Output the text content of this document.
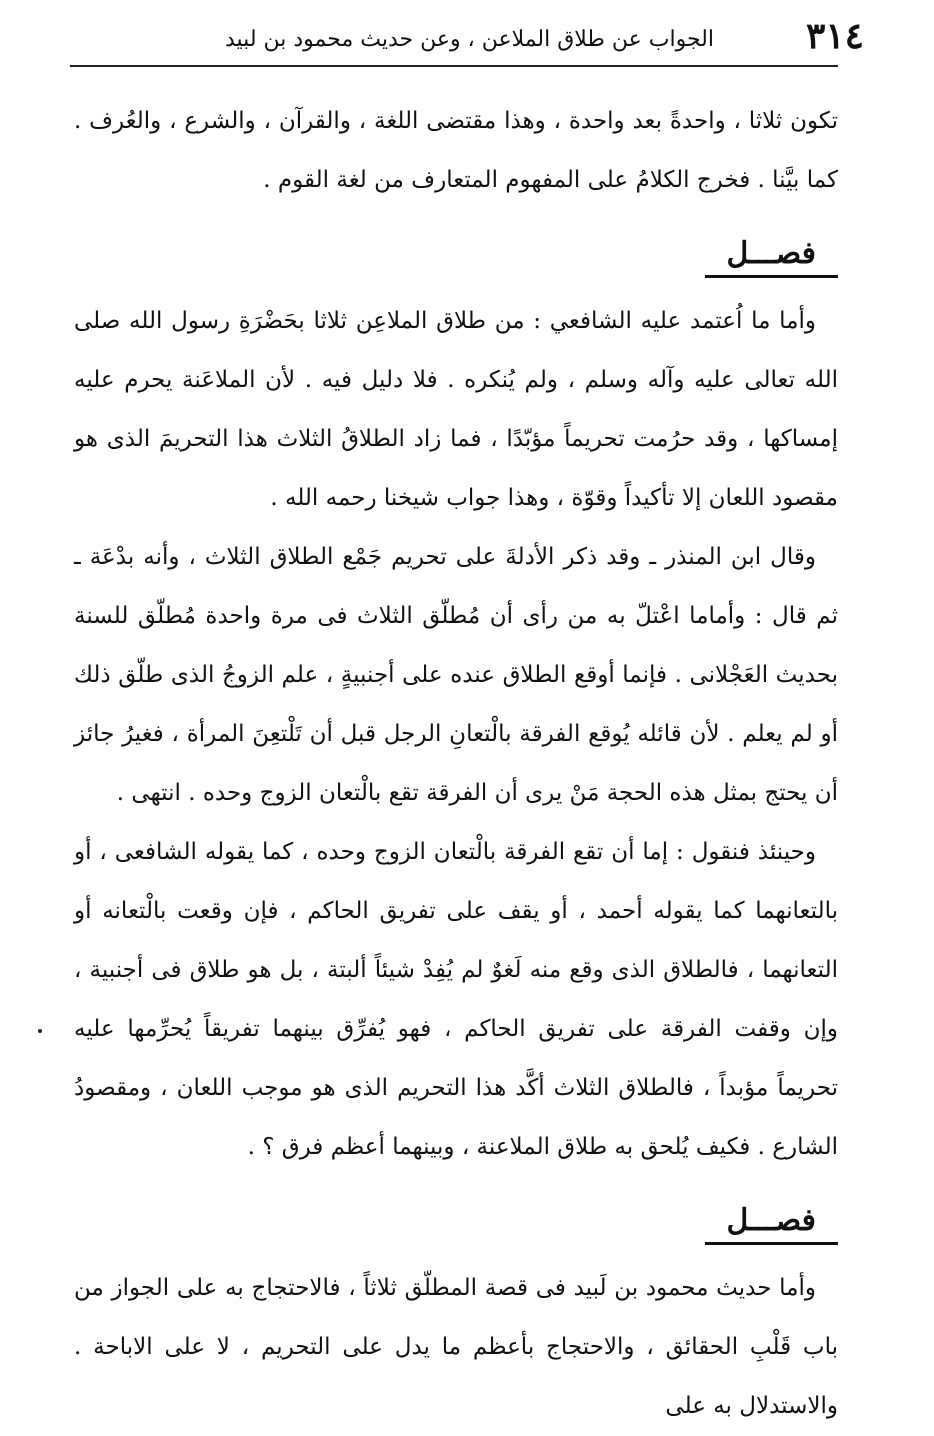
٣١٤
الجواب عن طلاق الملاعن ، وعن حديث محمود بن لبيد

تكون ثلاثا ، واحدةً بعد واحدة ، وهذا مقتضى اللغة ، والقرآن ، والشرع ، والعُرف . كما بيَّنا . فخرج الكلامُ على المفهوم المتعارف من لغة القوم .

فصـــل

وأما ما اُعتمد عليه الشافعي : من طلاق الملاعِن ثلاثا بحَضْرَةِ رسول الله صلى الله تعالى عليه وآله وسلم ، ولم يُنكره . فلا دليل فيه . لأن الملاعَنة يحرم عليه إمساكها ، وقد حرُمت تحريماً مؤبّدًا ، فما زاد الطلاقُ الثلاث هذا التحريمَ الذى هو مقصود اللعان إلا تأكيداً وقوّة ، وهذا جواب شيخنا رحمه الله .

وقال ابن المنذر ـ وقد ذكر الأدلةَ على تحريم جَمْع الطلاق الثلاث ، وأنه بدْعَة ـ ثم قال : وأماما اعْتلّ به من رأى أن مُطلّق الثلاث فى مرة واحدة مُطلّق للسنة بحديث العَجْلانى . فإنما أوقع الطلاق عنده على أجنبيةٍ ، علم الزوجُ الذى طلّق ذلك أو لم يعلم . لأن قائله يُوقع الفرقة بالْتعانِ الرجل قبل أن تَلْتعِنَ المرأة ، فغيرُ جائز أن يحتج بمثل هذه الحجة مَنْ يرى أن الفرقة تقع بالْتعان الزوج وحده . انتهى .

وحينئذ فنقول : إما أن تقع الفرقة بالْتعان الزوج وحده ، كما يقوله الشافعى ، أو بالتعانهما كما يقوله أحمد ، أو يقف على تفريق الحاكم ، فإن وقعت بالْتعانه أو التعانهما ، فالطلاق الذى وقع منه لَغوٌ لم يُفِدْ شيئاً ألبتة ، بل هو طلاق فى أجنبية ، وإن وقفت الفرقة على تفريق الحاكم ، فهو يُفرِّق بينهما تفريقاً يُحرِّمها عليه تحريماً مؤبداً ، فالطلاق الثلاث أكَّد هذا التحريم الذى هو موجب اللعان ، ومقصودُ الشارع . فكيف يُلحق به طلاق الملاعنة ، وبينهما أعظم فرق ؟ .

فصـــل

وأما حديث محمود بن لَبيد فى قصة المطلّق ثلاثاً ، فالاحتجاج به على الجواز من باب قَلْبِ الحقائق ، والاحتجاج بأعظم ما يدل على التحريم ، لا على الاباحة . والاستدلال به على
